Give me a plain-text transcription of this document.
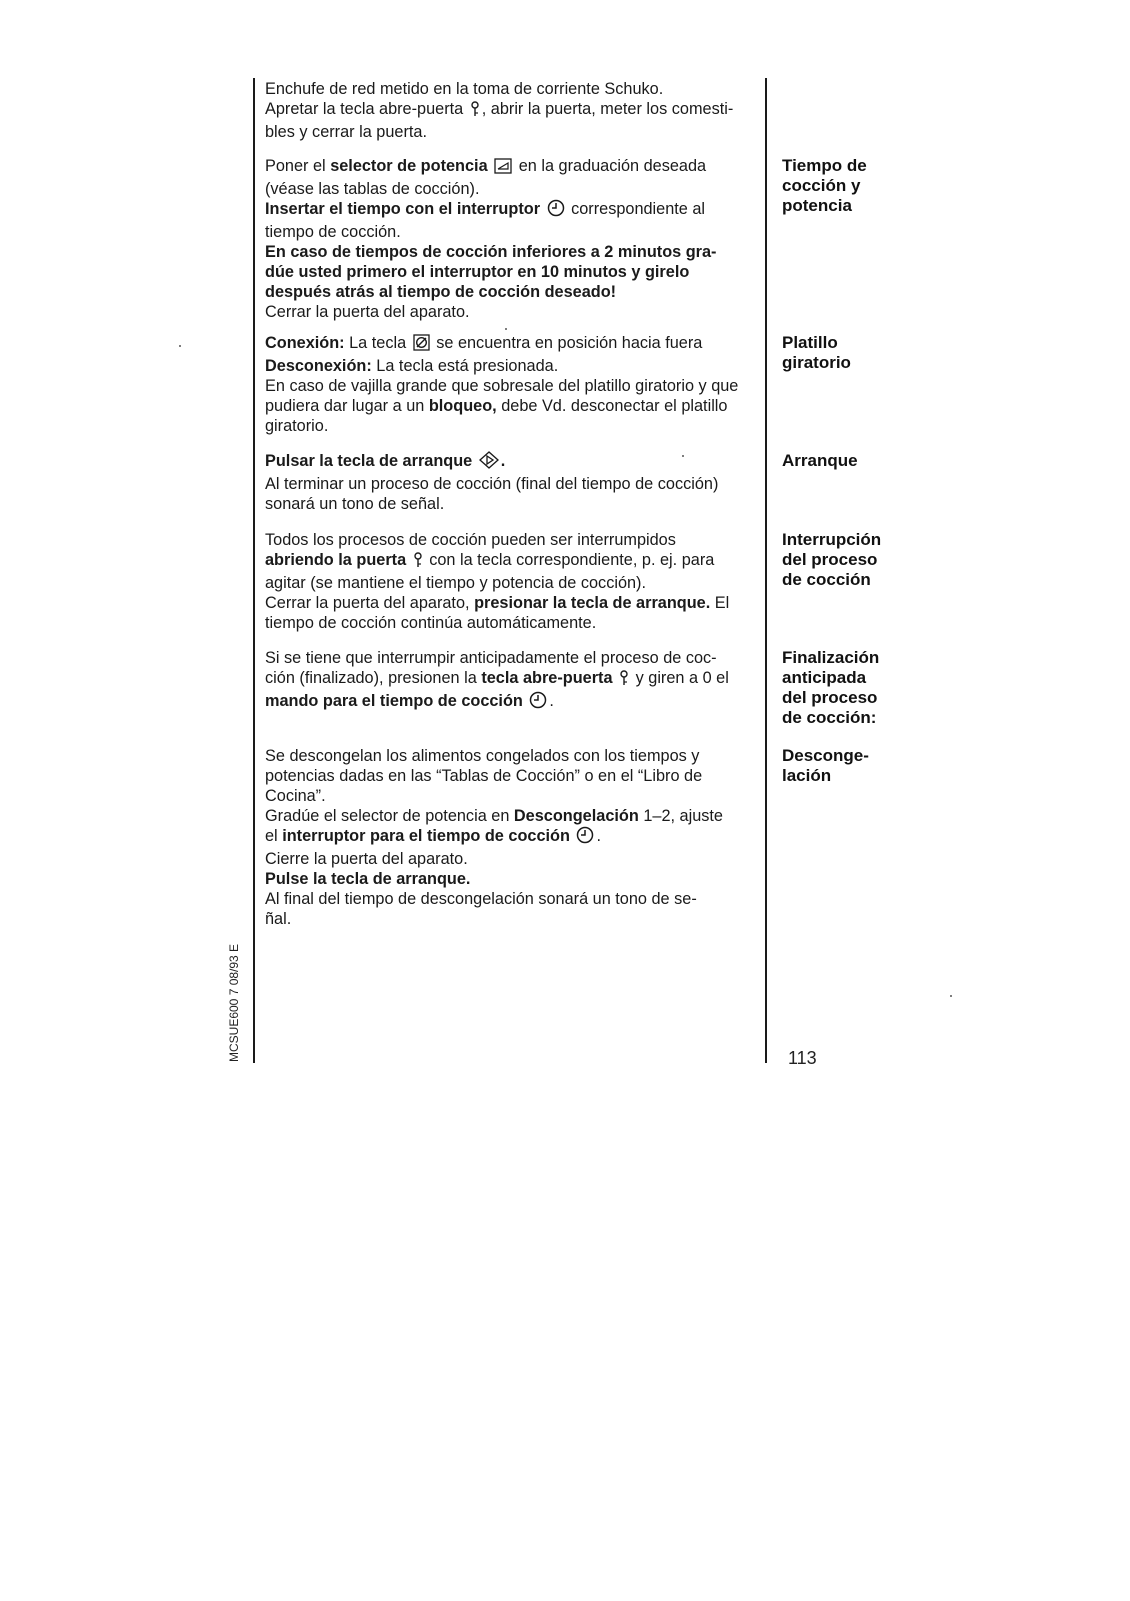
Enchufe de red metido en la toma de corriente Schuko.

Apretar la tecla abre-puerta , abrir la puerta, meter los comesti-

bles y cerrar la puerta.

Poner el selector de potencia en la graduación deseada

(véase las tablas de cocción).

Insertar el tiempo con el interruptor correspondiente al

tiempo de cocción.

En caso de tiempos de cocción inferiores a 2 minutos gra-

dúe usted primero el interruptor en 10 minutos y girelo

después atrás al tiempo de cocción deseado!

Cerrar la puerta del aparato.

Conexión: La tecla se encuentra en posición hacia fuera

Desconexión: La tecla está presionada.

En caso de vajilla grande que sobresale del platillo giratorio y que

pudiera dar lugar a un bloqueo, debe Vd. desconectar el platillo

giratorio.

Pulsar la tecla de arranque .

Al terminar un proceso de cocción (final del tiempo de cocción)

sonará un tono de señal.

Todos los procesos de cocción pueden ser interrumpidos

abriendo la puerta con la tecla correspondiente, p. ej. para

agitar (se mantiene el tiempo y potencia de cocción).

Cerrar la puerta del aparato, presionar la tecla de arranque. El

tiempo de cocción continúa automáticamente.

Si se tiene que interrumpir anticipadamente el proceso de coc-

ción (finalizado), presionen la tecla abre-puerta y giren a 0 el

mando para el tiempo de cocción .

Se descongelan los alimentos congelados con los tiempos y

potencias dadas en las “Tablas de Cocción” o en el “Libro de

Cocina”.

Gradúe el selector de potencia en Descongelación 1–2, ajuste

el interruptor para el tiempo de cocción .

Cierre la puerta del aparato.

Pulse la tecla de arranque.

Al final del tiempo de descongelación sonará un tono de se-

ñal.

Tiempo de
cocción y
potencia
Platillo
giratorio
Arranque
Interrupción
del proceso
de cocción
Finalización
anticipada
del proceso
de cocción:
Desconge-
lación
MCSUE600 7 08/93 E	113
